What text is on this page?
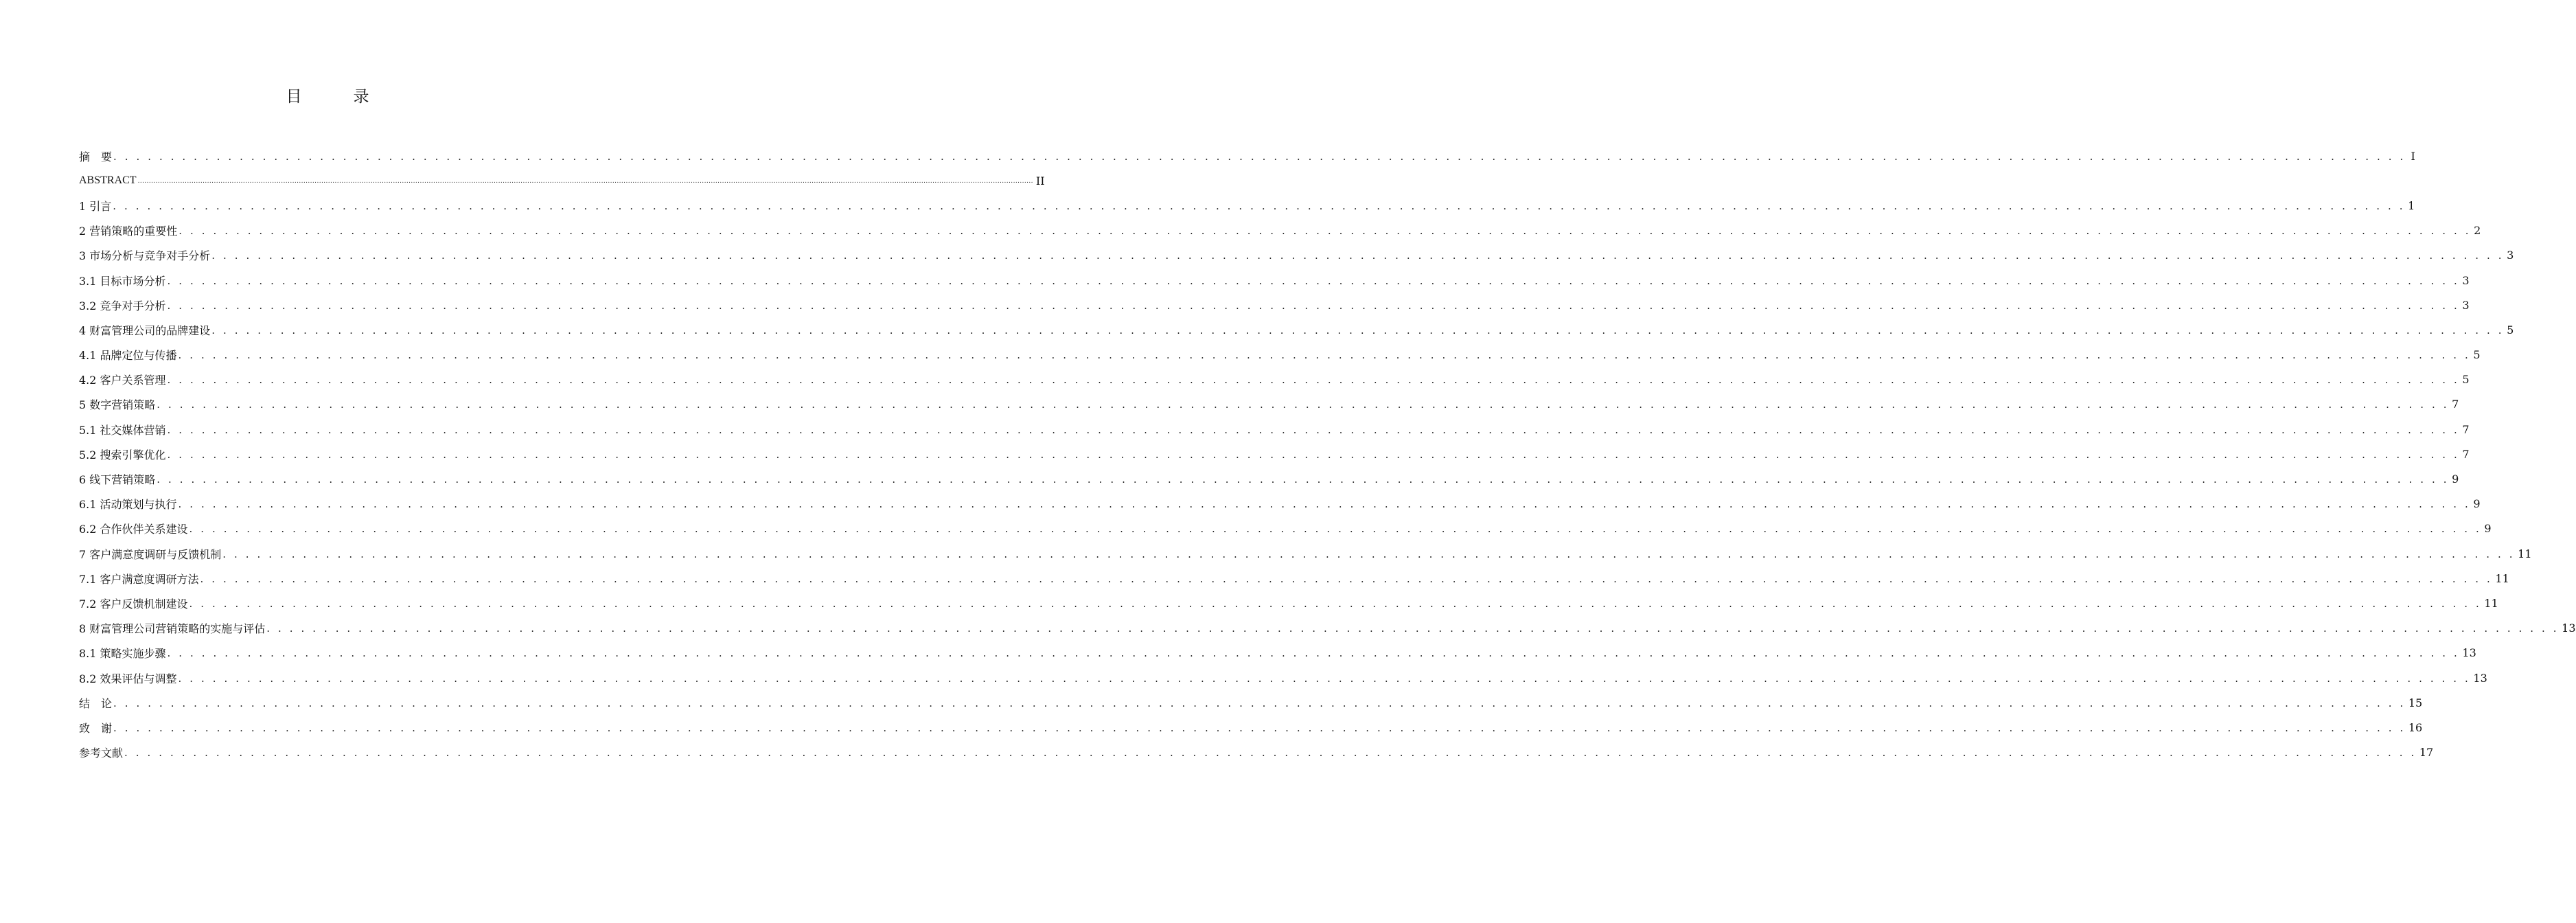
目　录
摘　要 . . . . . . . . . . . . . . . . . . . . . . . . . . . . . . . . . . . . . . . . . . . . . . . . . . . . . . . . . . . . . . . . . . . . . . . . . . . . . . . . . . . . . . . . . . . . . . . . . . . . . . . . . . . . . . . . . . . . . . . . . . . . . . . . . . . . . . . . . . . . . . . . . . . . . . . . . . . . . . . . . . . . . . . . . . . . . . . . . . . . . . . . . . . . . . . . . . . . . . . . I
ABSTRACT ................................................................................................................................................................................................................................................................................................................................................................................................................ II
1 引言 . . . . . . . . . . . . . . . . . . . . . . . . . . . . . . . . . . . . . . . . . . . . . . . . . . . . . . . . . . . . . . . . . . . . . . . . . . . . . . . . . . . . . . . . . . . . . . . . . . . . . . . . . . . . . . . . . . . . . . . . . . . . . . . . . . . . . . . . . . . . . . . . . . . . . . . . . . . . . . . . . . . . . . . . . . . . . . . . . . . . . . . . . . . . . . . . . . . . . . . . 1
2 营销策略的重要性 . . . . . . . . . . . . . . . . . . . . . . . . . . . . . . . . . . . . . . . . . . . . . . . . . . . . . . . . . . . . . . . . . . . . . . . . . . . . . . . . . . . . . . . . . . . . . . . . . . . . . . . . . . . . . . . . . . . . . . . . . . . . . . . . . . . . . . . . . . . . . . . . . . . . . . . . . . . . . . . . . . . . . . . . . . . . . . . . . . . . . . . . . . . . . . . . . . . . . . . . 2
3 市场分析与竞争对手分析 . . . . . . . . . . . . . . . . . . . . . . . . . . . . . . . . . . . . . . . . . . . . . . . . . . . . . . . . . . . . . . . . . . . . . . . . . . . . . . . . . . . . . . . . . . . . . . . . . . . . . . . . . . . . . . . . . . . . . . . . . . . . . . . . . . . . . . . . . . . . . . . . . . . . . . . . . . . . . . . . . . . . . . . . . . . . . . . . . . . . . . . . . . . . . . . . . . . . . . . . 3
3.1 目标市场分析 . . . . . . . . . . . . . . . . . . . . . . . . . . . . . . . . . . . . . . . . . . . . . . . . . . . . . . . . . . . . . . . . . . . . . . . . . . . . . . . . . . . . . . . . . . . . . . . . . . . . . . . . . . . . . . . . . . . . . . . . . . . . . . . . . . . . . . . . . . . . . . . . . . . . . . . . . . . . . . . . . . . . . . . . . . . . . . . . . . . . . . . . . . . . . . . . . . . . . . . . 3
3.2 竞争对手分析 . . . . . . . . . . . . . . . . . . . . . . . . . . . . . . . . . . . . . . . . . . . . . . . . . . . . . . . . . . . . . . . . . . . . . . . . . . . . . . . . . . . . . . . . . . . . . . . . . . . . . . . . . . . . . . . . . . . . . . . . . . . . . . . . . . . . . . . . . . . . . . . . . . . . . . . . . . . . . . . . . . . . . . . . . . . . . . . . . . . . . . . . . . . . . . . . . . . . . . . . 3
4 财富管理公司的品牌建设 . . . . . . . . . . . . . . . . . . . . . . . . . . . . . . . . . . . . . . . . . . . . . . . . . . . . . . . . . . . . . . . . . . . . . . . . . . . . . . . . . . . . . . . . . . . . . . . . . . . . . . . . . . . . . . . . . . . . . . . . . . . . . . . . . . . . . . . . . . . . . . . . . . . . . . . . . . . . . . . . . . . . . . . . . . . . . . . . . . . . . . . . . . . . . . . . . . . . . . . . 5
4.1 品牌定位与传播 . . . . . . . . . . . . . . . . . . . . . . . . . . . . . . . . . . . . . . . . . . . . . . . . . . . . . . . . . . . . . . . . . . . . . . . . . . . . . . . . . . . . . . . . . . . . . . . . . . . . . . . . . . . . . . . . . . . . . . . . . . . . . . . . . . . . . . . . . . . . . . . . . . . . . . . . . . . . . . . . . . . . . . . . . . . . . . . . . . . . . . . . . . . . . . . . . . . . . . . . 5
4.2 客户关系管理 . . . . . . . . . . . . . . . . . . . . . . . . . . . . . . . . . . . . . . . . . . . . . . . . . . . . . . . . . . . . . . . . . . . . . . . . . . . . . . . . . . . . . . . . . . . . . . . . . . . . . . . . . . . . . . . . . . . . . . . . . . . . . . . . . . . . . . . . . . . . . . . . . . . . . . . . . . . . . . . . . . . . . . . . . . . . . . . . . . . . . . . . . . . . . . . . . . . . . . . . 5
5 数字营销策略 . . . . . . . . . . . . . . . . . . . . . . . . . . . . . . . . . . . . . . . . . . . . . . . . . . . . . . . . . . . . . . . . . . . . . . . . . . . . . . . . . . . . . . . . . . . . . . . . . . . . . . . . . . . . . . . . . . . . . . . . . . . . . . . . . . . . . . . . . . . . . . . . . . . . . . . . . . . . . . . . . . . . . . . . . . . . . . . . . . . . . . . . . . . . . . . . . . . . . . . . 7
5.1 社交媒体营销 . . . . . . . . . . . . . . . . . . . . . . . . . . . . . . . . . . . . . . . . . . . . . . . . . . . . . . . . . . . . . . . . . . . . . . . . . . . . . . . . . . . . . . . . . . . . . . . . . . . . . . . . . . . . . . . . . . . . . . . . . . . . . . . . . . . . . . . . . . . . . . . . . . . . . . . . . . . . . . . . . . . . . . . . . . . . . . . . . . . . . . . . . . . . . . . . . . . . . . . . 7
5.2 搜索引擎优化 . . . . . . . . . . . . . . . . . . . . . . . . . . . . . . . . . . . . . . . . . . . . . . . . . . . . . . . . . . . . . . . . . . . . . . . . . . . . . . . . . . . . . . . . . . . . . . . . . . . . . . . . . . . . . . . . . . . . . . . . . . . . . . . . . . . . . . . . . . . . . . . . . . . . . . . . . . . . . . . . . . . . . . . . . . . . . . . . . . . . . . . . . . . . . . . . . . . . . . . . 7
6 线下营销策略 . . . . . . . . . . . . . . . . . . . . . . . . . . . . . . . . . . . . . . . . . . . . . . . . . . . . . . . . . . . . . . . . . . . . . . . . . . . . . . . . . . . . . . . . . . . . . . . . . . . . . . . . . . . . . . . . . . . . . . . . . . . . . . . . . . . . . . . . . . . . . . . . . . . . . . . . . . . . . . . . . . . . . . . . . . . . . . . . . . . . . . . . . . . . . . . . . . . . . . . . 9
6.1 活动策划与执行 . . . . . . . . . . . . . . . . . . . . . . . . . . . . . . . . . . . . . . . . . . . . . . . . . . . . . . . . . . . . . . . . . . . . . . . . . . . . . . . . . . . . . . . . . . . . . . . . . . . . . . . . . . . . . . . . . . . . . . . . . . . . . . . . . . . . . . . . . . . . . . . . . . . . . . . . . . . . . . . . . . . . . . . . . . . . . . . . . . . . . . . . . . . . . . . . . . . . . . . . 9
6.2 合作伙伴关系建设 . . . . . . . . . . . . . . . . . . . . . . . . . . . . . . . . . . . . . . . . . . . . . . . . . . . . . . . . . . . . . . . . . . . . . . . . . . . . . . . . . . . . . . . . . . . . . . . . . . . . . . . . . . . . . . . . . . . . . . . . . . . . . . . . . . . . . . . . . . . . . . . . . . . . . . . . . . . . . . . . . . . . . . . . . . . . . . . . . . . . . . . . . . . . . . . . . . . . . . . . 9
7 客户满意度调研与反馈机制 . . . . . . . . . . . . . . . . . . . . . . . . . . . . . . . . . . . . . . . . . . . . . . . . . . . . . . . . . . . . . . . . . . . . . . . . . . . . . . . . . . . . . . . . . . . . . . . . . . . . . . . . . . . . . . . . . . . . . . . . . . . . . . . . . . . . . . . . . . . . . . . . . . . . . . . . . . . . . . . . . . . . . . . . . . . . . . . . . . . . . . . . . . . . . . . . . . . . . . . . 11
7.1 客户满意度调研方法 . . . . . . . . . . . . . . . . . . . . . . . . . . . . . . . . . . . . . . . . . . . . . . . . . . . . . . . . . . . . . . . . . . . . . . . . . . . . . . . . . . . . . . . . . . . . . . . . . . . . . . . . . . . . . . . . . . . . . . . . . . . . . . . . . . . . . . . . . . . . . . . . . . . . . . . . . . . . . . . . . . . . . . . . . . . . . . . . . . . . . . . . . . . . . . . . . . . . . . . . 11
7.2 客户反馈机制建设 . . . . . . . . . . . . . . . . . . . . . . . . . . . . . . . . . . . . . . . . . . . . . . . . . . . . . . . . . . . . . . . . . . . . . . . . . . . . . . . . . . . . . . . . . . . . . . . . . . . . . . . . . . . . . . . . . . . . . . . . . . . . . . . . . . . . . . . . . . . . . . . . . . . . . . . . . . . . . . . . . . . . . . . . . . . . . . . . . . . . . . . . . . . . . . . . . . . . . . . . 11
8 财富管理公司营销策略的实施与评估 . . . . . . . . . . . . . . . . . . . . . . . . . . . . . . . . . . . . . . . . . . . . . . . . . . . . . . . . . . . . . . . . . . . . . . . . . . . . . . . . . . . . . . . . . . . . . . . . . . . . . . . . . . . . . . . . . . . . . . . . . . . . . . . . . . . . . . . . . . . . . . . . . . . . . . . . . . . . . . . . . . . . . . . . . . . . . . . . . . . . . . . . . . . . . . . . . . . . . . . . 13
8.1 策略实施步骤 . . . . . . . . . . . . . . . . . . . . . . . . . . . . . . . . . . . . . . . . . . . . . . . . . . . . . . . . . . . . . . . . . . . . . . . . . . . . . . . . . . . . . . . . . . . . . . . . . . . . . . . . . . . . . . . . . . . . . . . . . . . . . . . . . . . . . . . . . . . . . . . . . . . . . . . . . . . . . . . . . . . . . . . . . . . . . . . . . . . . . . . . . . . . . . . . . . . . . . . . 13
8.2 效果评估与调整 . . . . . . . . . . . . . . . . . . . . . . . . . . . . . . . . . . . . . . . . . . . . . . . . . . . . . . . . . . . . . . . . . . . . . . . . . . . . . . . . . . . . . . . . . . . . . . . . . . . . . . . . . . . . . . . . . . . . . . . . . . . . . . . . . . . . . . . . . . . . . . . . . . . . . . . . . . . . . . . . . . . . . . . . . . . . . . . . . . . . . . . . . . . . . . . . . . . . . . . . 13
结　论 . . . . . . . . . . . . . . . . . . . . . . . . . . . . . . . . . . . . . . . . . . . . . . . . . . . . . . . . . . . . . . . . . . . . . . . . . . . . . . . . . . . . . . . . . . . . . . . . . . . . . . . . . . . . . . . . . . . . . . . . . . . . . . . . . . . . . . . . . . . . . . . . . . . . . . . . . . . . . . . . . . . . . . . . . . . . . . . . . . . . . . . . . . . . . . . . . . . . . . . . 15
致　谢 . . . . . . . . . . . . . . . . . . . . . . . . . . . . . . . . . . . . . . . . . . . . . . . . . . . . . . . . . . . . . . . . . . . . . . . . . . . . . . . . . . . . . . . . . . . . . . . . . . . . . . . . . . . . . . . . . . . . . . . . . . . . . . . . . . . . . . . . . . . . . . . . . . . . . . . . . . . . . . . . . . . . . . . . . . . . . . . . . . . . . . . . . . . . . . . . . . . . . . . . 16
参考文献 . . . . . . . . . . . . . . . . . . . . . . . . . . . . . . . . . . . . . . . . . . . . . . . . . . . . . . . . . . . . . . . . . . . . . . . . . . . . . . . . . . . . . . . . . . . . . . . . . . . . . . . . . . . . . . . . . . . . . . . . . . . . . . . . . . . . . . . . . . . . . . . . . . . . . . . . . . . . . . . . . . . . . . . . . . . . . . . . . . . . . . . . . . . . . . . . . . . . . . . . 17
